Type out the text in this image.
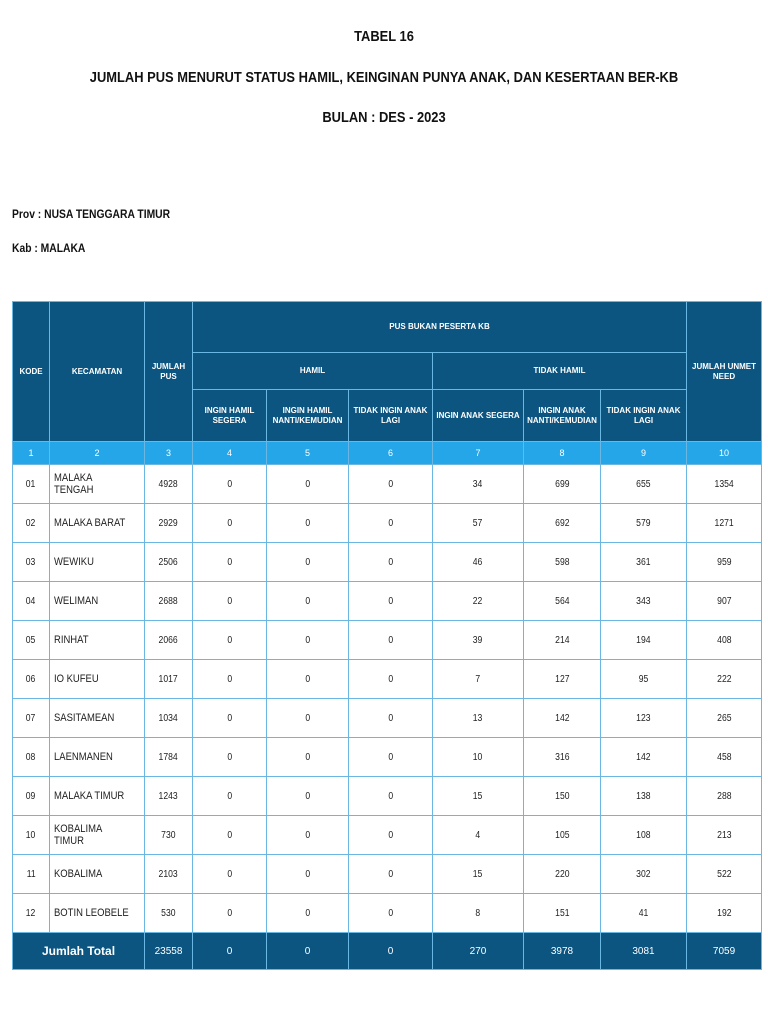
TABEL 16
JUMLAH PUS MENURUT STATUS HAMIL, KEINGINAN PUNYA ANAK, DAN KESERTAAN BER-KB
BULAN : DES - 2023
Prov : NUSA TENGGARA TIMUR
Kab : MALAKA
KODE	KECAMATAN	JUMLAH PUS	PUS BUKAN PESERTA KB						JUMLAH UNMET NEED
			HAMIL			TIDAK HAMIL			
			INGIN HAMIL SEGERA	INGIN HAMIL NANTI/KEMUDIAN	TIDAK INGIN ANAK LAGI	INGIN ANAK SEGERA	INGIN ANAK NANTI/KEMUDIAN	TIDAK INGIN ANAK LAGI	
1	2	3	4	5	6	7	8	9	10
01	MALAKA TENGAH	4928	0	0	0	34	699	655	1354
02	MALAKA BARAT	2929	0	0	0	57	692	579	1271
03	WEWIKU	2506	0	0	0	46	598	361	959
04	WELIMAN	2688	0	0	0	22	564	343	907
05	RINHAT	2066	0	0	0	39	214	194	408
06	IO KUFEU	1017	0	0	0	7	127	95	222
07	SASITAMEAN	1034	0	0	0	13	142	123	265
08	LAENMANEN	1784	0	0	0	10	316	142	458
09	MALAKA TIMUR	1243	0	0	0	15	150	138	288
10	KOBALIMA TIMUR	730	0	0	0	4	105	108	213
11	KOBALIMA	2103	0	0	0	15	220	302	522
12	BOTIN LEOBELE	530	0	0	0	8	151	41	192
Jumlah Total		23558	0	0	0	270	3978	3081	7059
